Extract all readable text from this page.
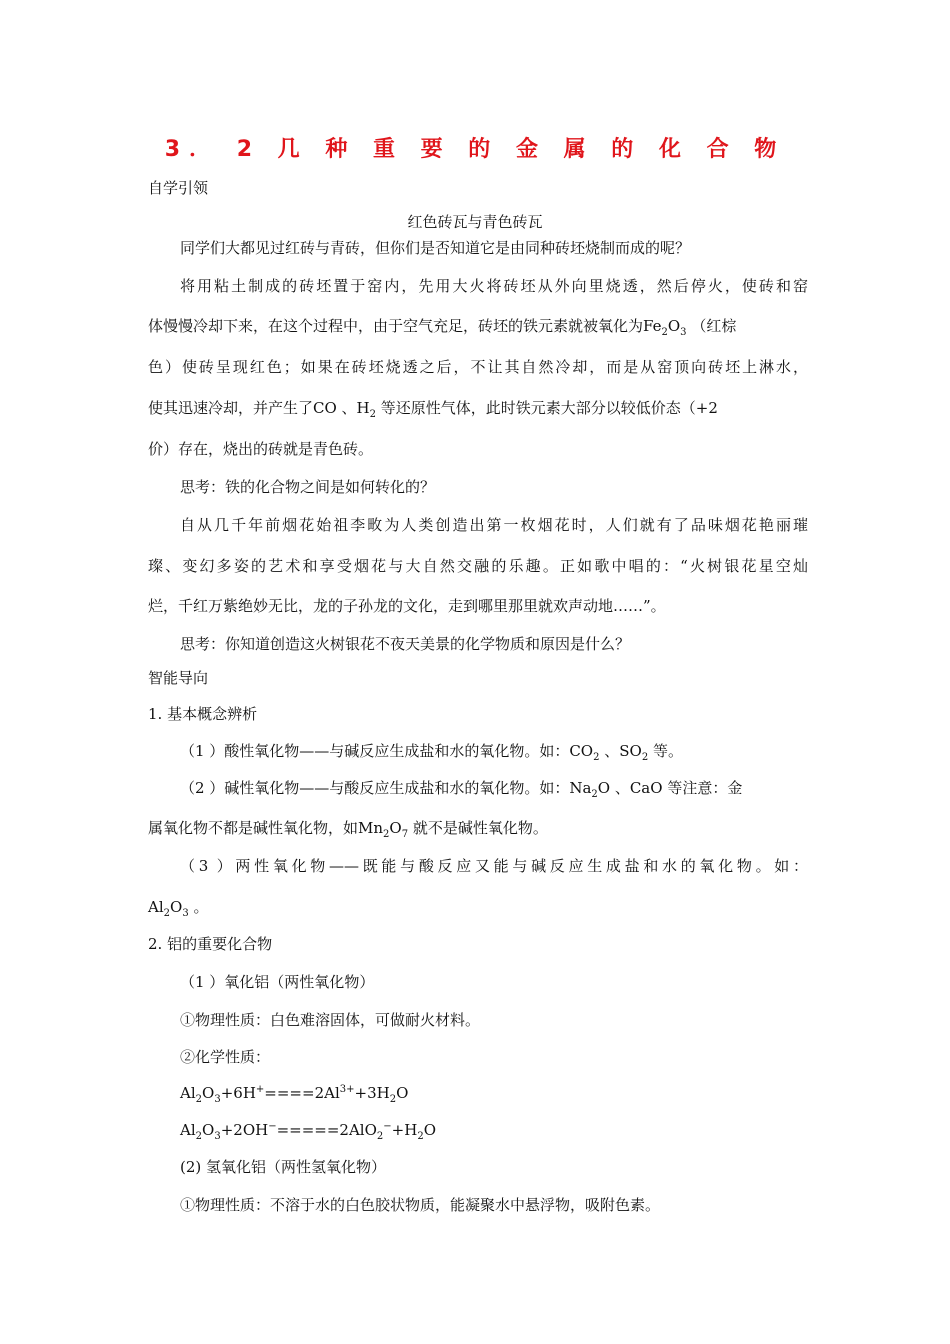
3． 2 几 种 重 要 的 金 属 的 化 合 物
自学引领
红色砖瓦与青色砖瓦
同学们大都见过红砖与青砖，但你们是否知道它是由同种砖坯烧制而成的呢？
将用粘土制成的砖坯置于窑内，先用大火将砖坯从外向里烧透，然后停火，使砖和窑
体慢慢冷却下来，在这个过程中，由于空气充足，砖坯的铁元素就被氧化为$Fe_2O_3$ （红棕
色）使砖呈现红色；如果在砖坯烧透之后，不让其自然冷却，而是从窑顶向砖坯上淋水，
使其迅速冷却，并产生了CO 、$H_2$ 等还原性气体，此时铁元素大部分以较低价态（+2
价）存在，烧出的砖就是青色砖。
思考：铁的化合物之间是如何转化的？
自从几千年前烟花始祖李畋为人类创造出第一枚烟花时，人们就有了品味烟花艳丽璀
璨、变幻多姿的艺术和享受烟花与大自然交融的乐趣。正如歌中唱的：“火树银花星空灿
烂，千红万紫绝妙无比，龙的子孙龙的文化，走到哪里那里就欢声动地……”。
思考：你知道创造这火树银花不夜天美景的化学物质和原因是什么？
智能导向
1. 基本概念辨析
（1 ）酸性氧化物——与碱反应生成盐和水的氧化物。如：$CO_2$ 、$SO_2$ 等。
（2 ）碱性氧化物——与酸反应生成盐和水的氧化物。如：$Na_2O$ 、CaO 等注意：金
属氧化物不都是碱性氧化物，如$Mn_2O_7$ 就不是碱性氧化物。
（3 ）两性氧化物——既能与酸反应又能与碱反应生成盐和水的氧化物。如：
$Al_2O_3$ 。
2. 铝的重要化合物
（1 ）氧化铝（两性氧化物）
①物理性质：白色难溶固体，可做耐火材料。
②化学性质：
$Al_2O_3+6H^+====2Al^{3+}+3H_2O$
$Al_2O_3+2OH^-=====2AlO_2^-+H_2O$
(2) 氢氧化铝（两性氢氧化物）
①物理性质：不溶于水的白色胶状物质，能凝聚水中悬浮物，吸附色素。
